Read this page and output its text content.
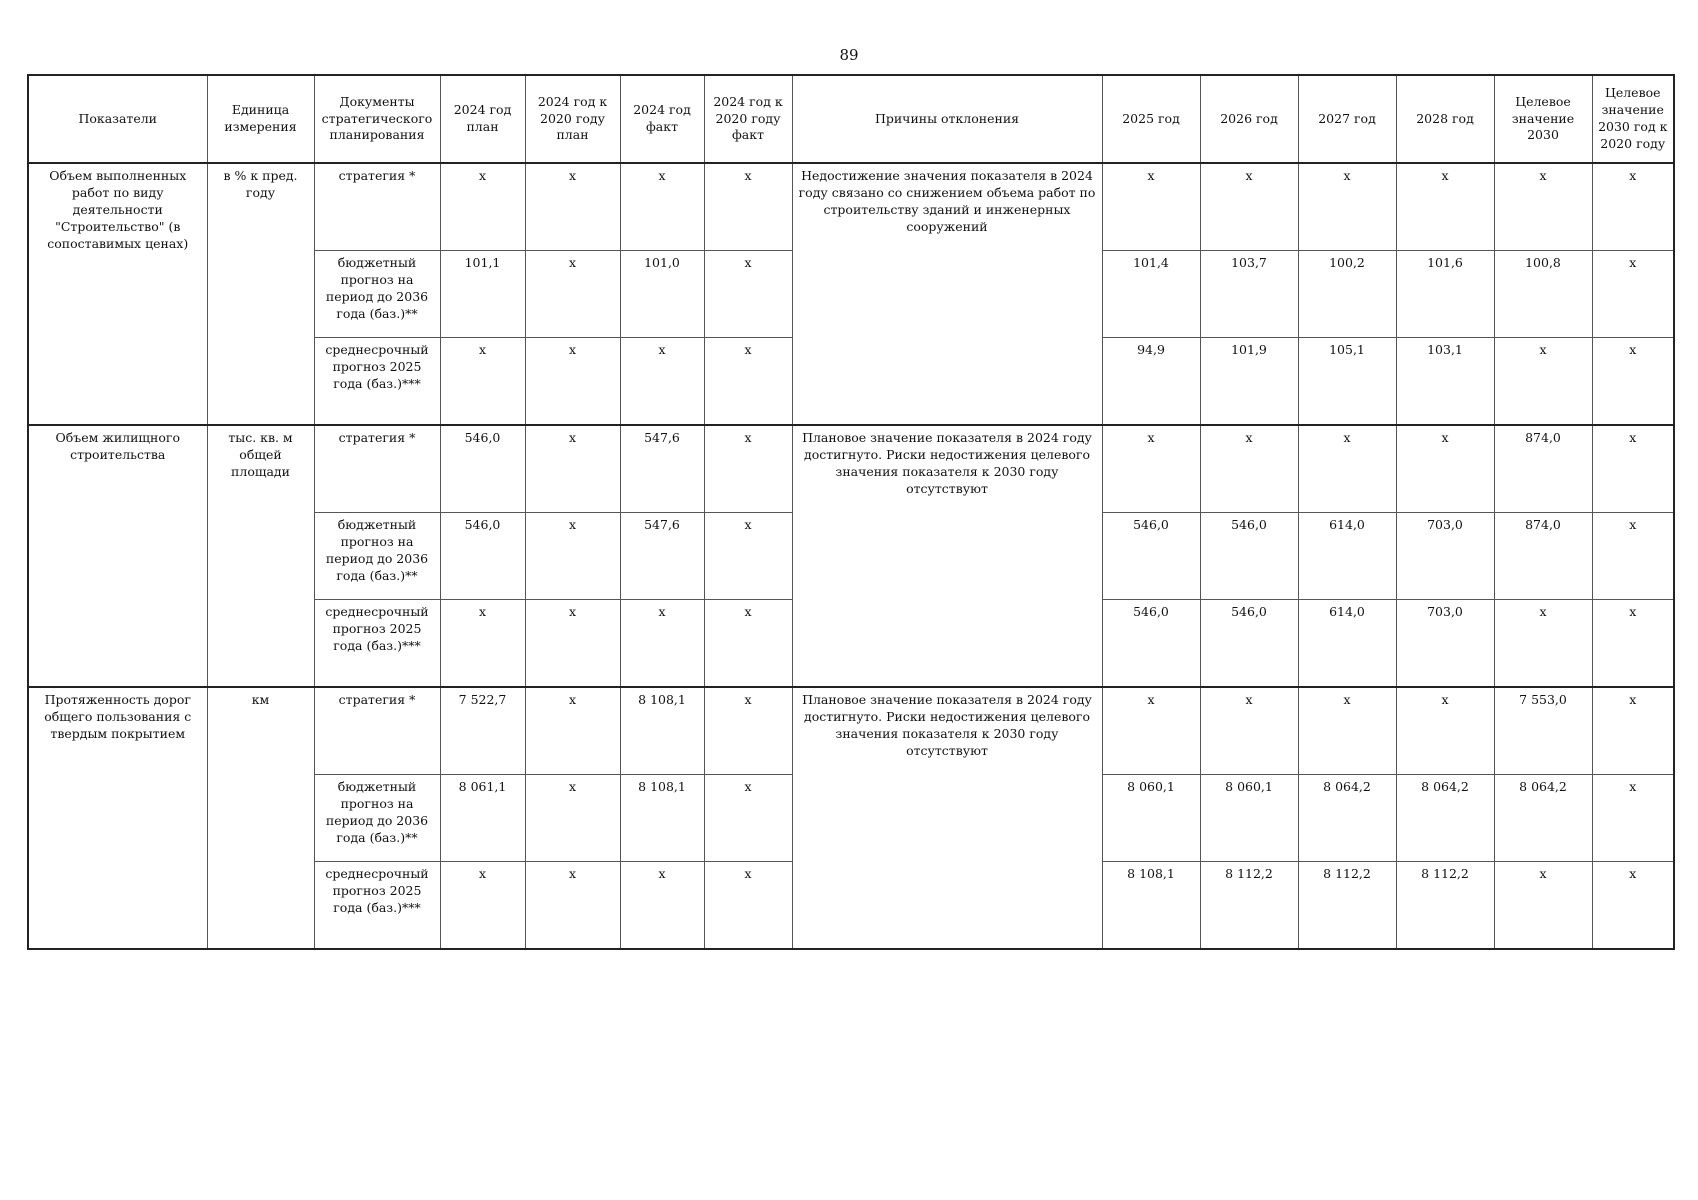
89
Показатели	Единица измерения	Документы стратегического планирования	2024 год план	2024 год к 2020 году план	2024 год факт	2024 год к 2020 году факт	Причины отклонения	2025 год	2026 год	2027 год	2028 год	Целевое значение 2030	Целевое значение 2030 год к 2020 году
Объем выполненных работ по виду деятельности "Строительство" (в сопоставимых ценах)	в % к пред. году	стратегия *	x	x	x	x	Недостижение значения показателя в 2024 году связано со снижением объема работ по строительству зданий и инженерных сооружений	x	x	x	x	x	x
		бюджетный прогноз на период до 2036 года (баз.)**	101,1	x	101,0	x		101,4	103,7	100,2	101,6	100,8	x
		среднесрочный прогноз 2025 года (баз.)***	x	x	x	x		94,9	101,9	105,1	103,1	x	x
Объем жилищного строительства	тыс. кв. м общей площади	стратегия *	546,0	x	547,6	x	Плановое значение показателя в 2024 году достигнуто. Риски недостижения целевого значения показателя к 2030 году отсутствуют	x	x	x	x	874,0	x
		бюджетный прогноз на период до 2036 года (баз.)**	546,0	x	547,6	x		546,0	546,0	614,0	703,0	874,0	x
		среднесрочный прогноз 2025 года (баз.)***	x	x	x	x		546,0	546,0	614,0	703,0	x	x
Протяженность дорог общего пользования с твердым покрытием	км	стратегия *	7 522,7	x	8 108,1	x	Плановое значение показателя в 2024 году достигнуто. Риски недостижения целевого значения показателя к 2030 году отсутствуют	x	x	x	x	7 553,0	x
		бюджетный прогноз на период до 2036 года (баз.)**	8 061,1	x	8 108,1	x		8 060,1	8 060,1	8 064,2	8 064,2	8 064,2	x
		среднесрочный прогноз 2025 года (баз.)***	x	x	x	x		8 108,1	8 112,2	8 112,2	8 112,2	x	x
